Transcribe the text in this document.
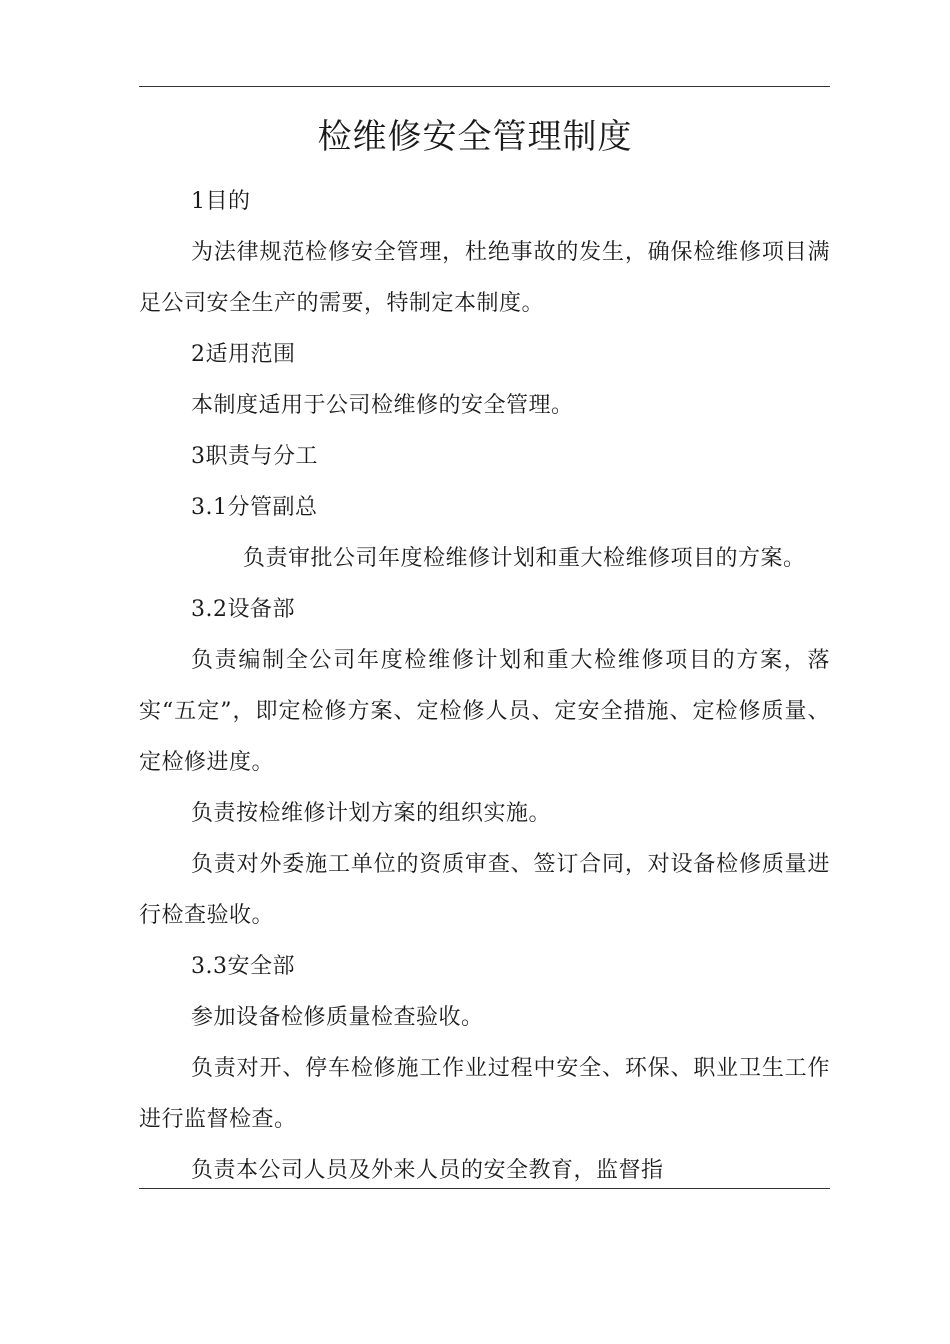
检维修安全管理制度

1目的

为法律规范检修安全管理，杜绝事故的发生，确保检维修项目满足公司安全生产的需要，特制定本制度。

2适用范围

本制度适用于公司检维修的安全管理。

3职责与分工

3.1分管副总

负责审批公司年度检维修计划和重大检维修项目的方案。

3.2设备部

负责编制全公司年度检维修计划和重大检维修项目的方案，落实“五定”，即定检修方案、定检修人员、定安全措施、定检修质量、定检修进度。

负责按检维修计划方案的组织实施。

负责对外委施工单位的资质审查、签订合同，对设备检修质量进行检查验收。

3.3安全部

参加设备检修质量检查验收。

负责对开、停车检修施工作业过程中安全、环保、职业卫生工作进行监督检查。

负责本公司人员及外来人员的安全教育，监督指
